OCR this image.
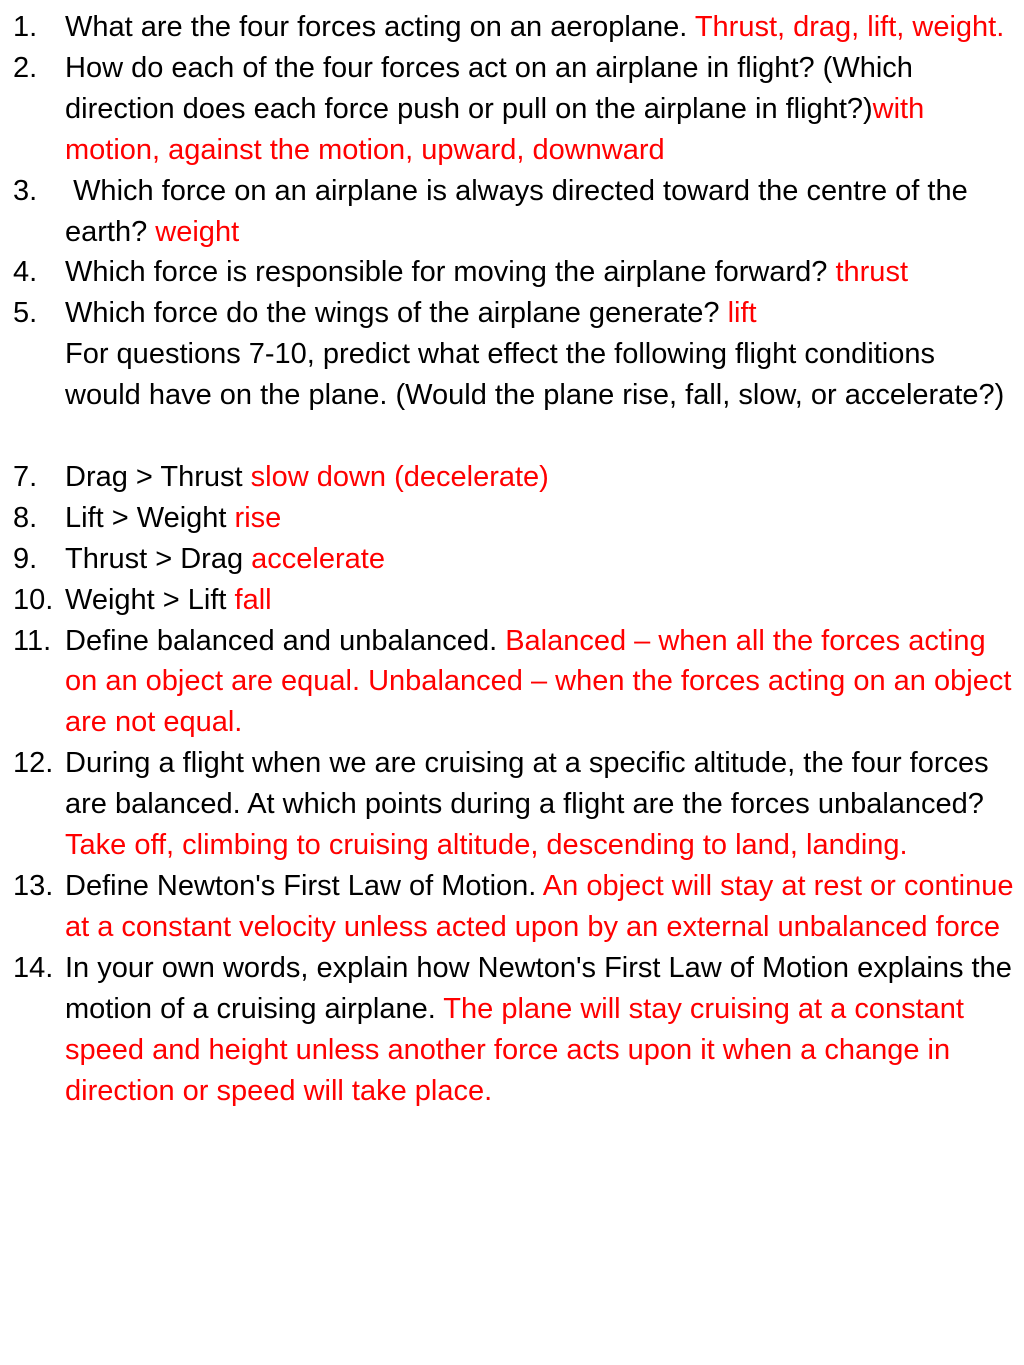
1. What are the four forces acting on an aeroplane. Thrust, drag, lift, weight.
2. How do each of the four forces act on an airplane in flight? (Which direction does each force push or pull on the airplane in flight?)with motion, against the motion, upward, downward
3. Which force on an airplane is always directed toward the centre of the earth? weight
4. Which force is responsible for moving the airplane forward? thrust
5. Which force do the wings of the airplane generate? lift
For questions 7-10, predict what effect the following flight conditions would have on the plane. (Would the plane rise, fall, slow, or accelerate?)
7. Drag > Thrust slow down (decelerate)
8. Lift > Weight rise
9. Thrust > Drag accelerate
10. Weight > Lift fall
11. Define balanced and unbalanced. Balanced – when all the forces acting on an object are equal. Unbalanced – when the forces acting on an object are not equal.
12. During a flight when we are cruising at a specific altitude, the four forces are balanced. At which points during a flight are the forces unbalanced? Take off, climbing to cruising altitude, descending to land, landing.
13. Define Newton's First Law of Motion. An object will stay at rest or continue at a constant velocity unless acted upon by an external unbalanced force
14. In your own words, explain how Newton's First Law of Motion explains the motion of a cruising airplane. The plane will stay cruising at a constant speed and height unless another force acts upon it when a change in direction or speed will take place.
